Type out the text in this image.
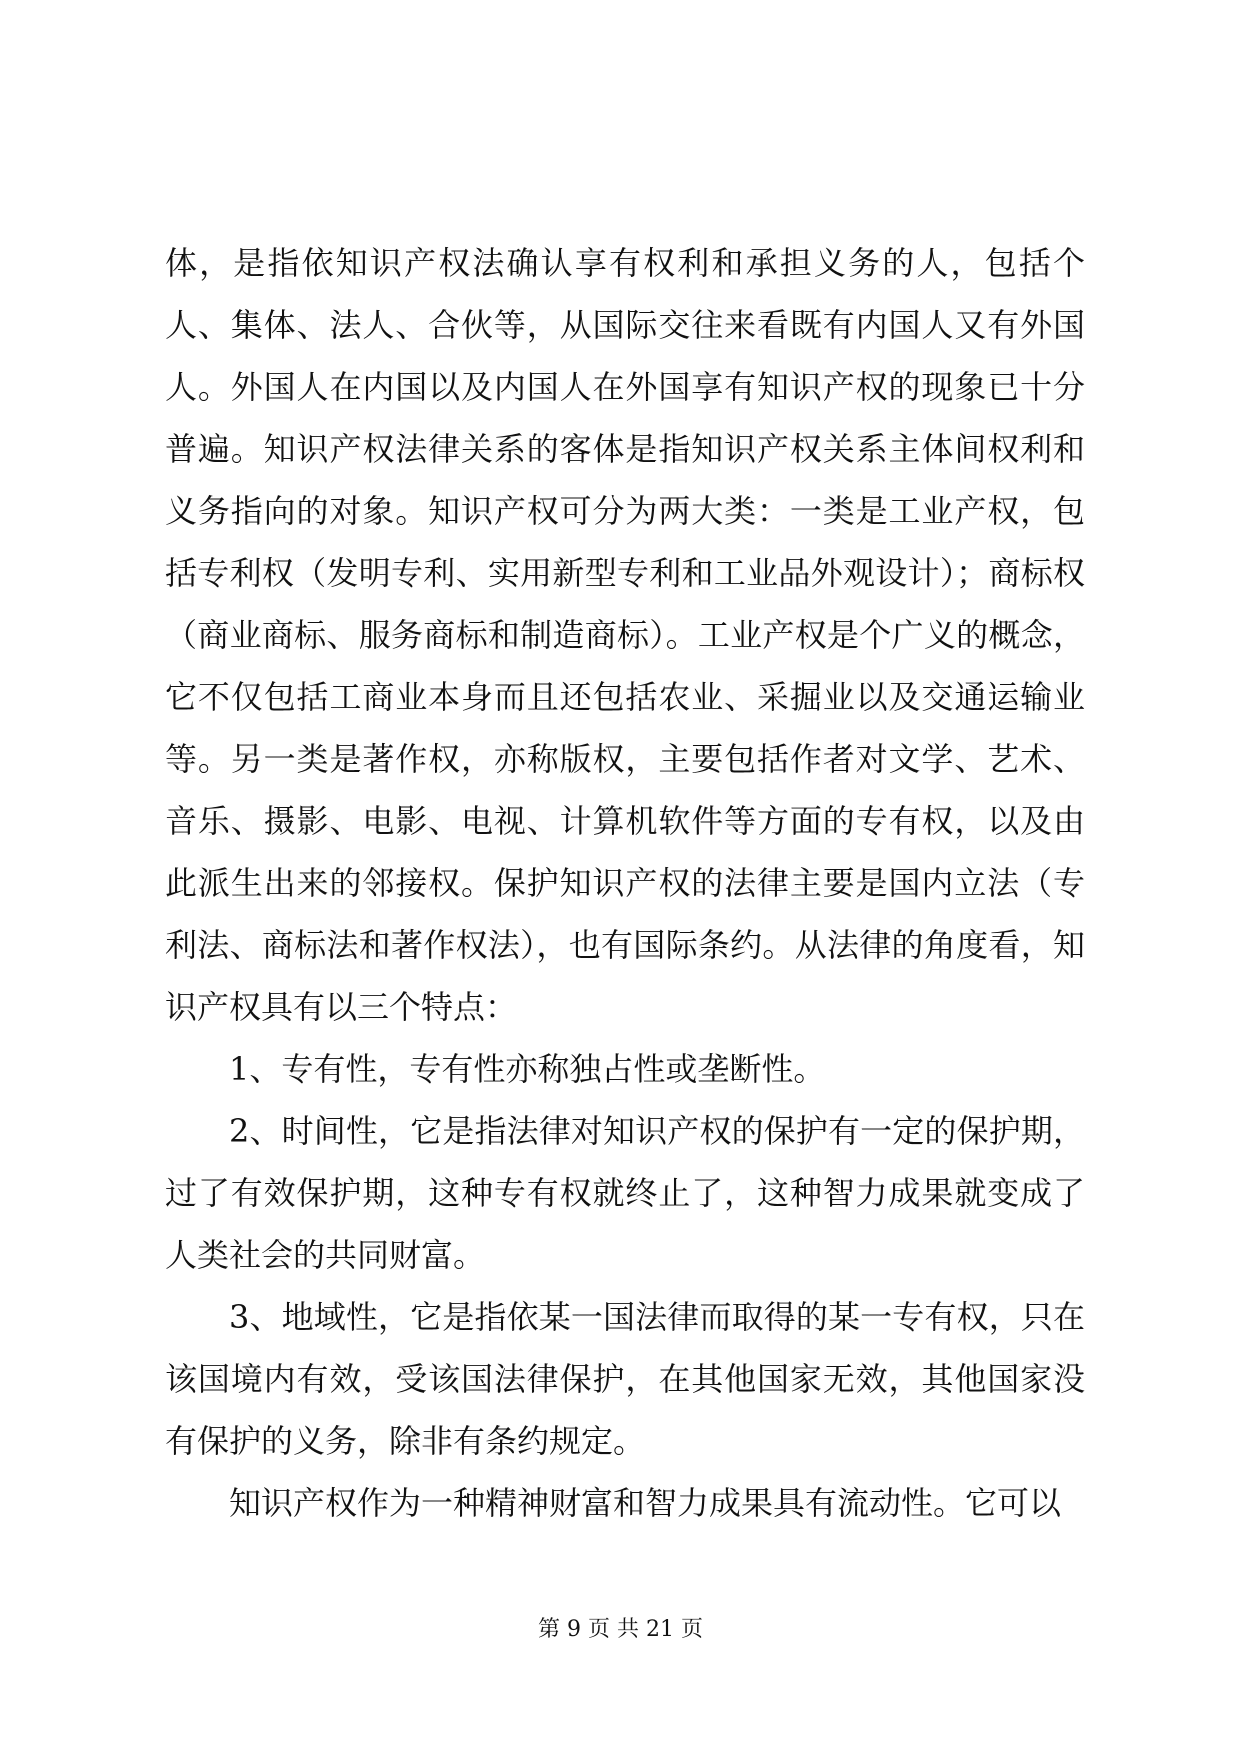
体，是指依知识产权法确认享有权利和承担义务的人，包括个人、集体、法人、合伙等，从国际交往来看既有内国人又有外国人。外国人在内国以及内国人在外国享有知识产权的现象已十分普遍。知识产权法律关系的客体是指知识产权关系主体间权利和义务指向的对象。知识产权可分为两大类：一类是工业产权，包括专利权（发明专利、实用新型专利和工业品外观设计）；商标权（商业商标、服务商标和制造商标）。工业产权是个广义的概念，它不仅包括工商业本身而且还包括农业、采掘业以及交通运输业等。另一类是著作权，亦称版权，主要包括作者对文学、艺术、音乐、摄影、电影、电视、计算机软件等方面的专有权，以及由此派生出来的邻接权。保护知识产权的法律主要是国内立法（专利法、商标法和著作权法），也有国际条约。从法律的角度看，知识产权具有以三个特点：

1、专有性，专有性亦称独占性或垄断性。

2、时间性，它是指法律对知识产权的保护有一定的保护期，过了有效保护期，这种专有权就终止了，这种智力成果就变成了人类社会的共同财富。

3、地域性，它是指依某一国法律而取得的某一专有权，只在该国境内有效，受该国法律保护，在其他国家无效，其他国家没有保护的义务，除非有条约规定。

知识产权作为一种精神财富和智力成果具有流动性。它可以

第 9 页 共 21 页
